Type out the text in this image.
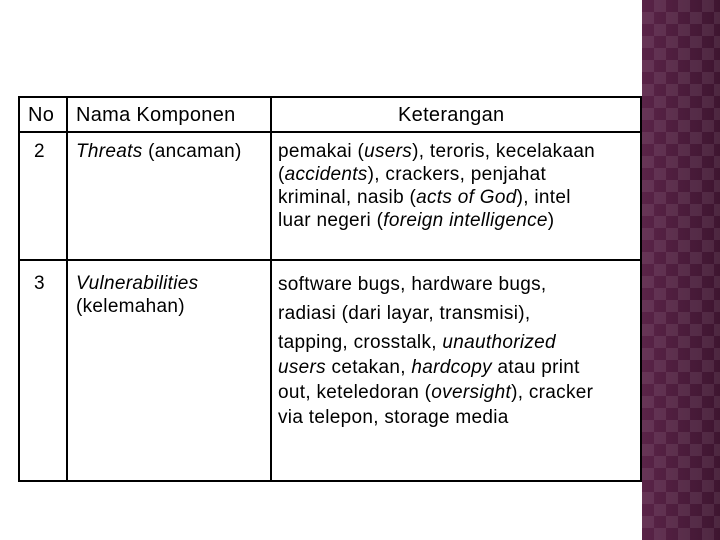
No Nama Komponen	Keterangan
2 Threats (ancaman) pemakai (users), teroris, kecelakaan
(accidents), crackers, penjahat
kriminal, nasib (acts of God), intel
luar negeri (foreign intelligence)
3 Vulnerabilities
(kelemahan)
software bugs, hardware bugs,
radiasi (dari layar, transmisi),
tapping, crosstalk, unauthorized
users cetakan, hardcopy atau print
out, keteledoran (oversight), cracker
via telepon, storage media
